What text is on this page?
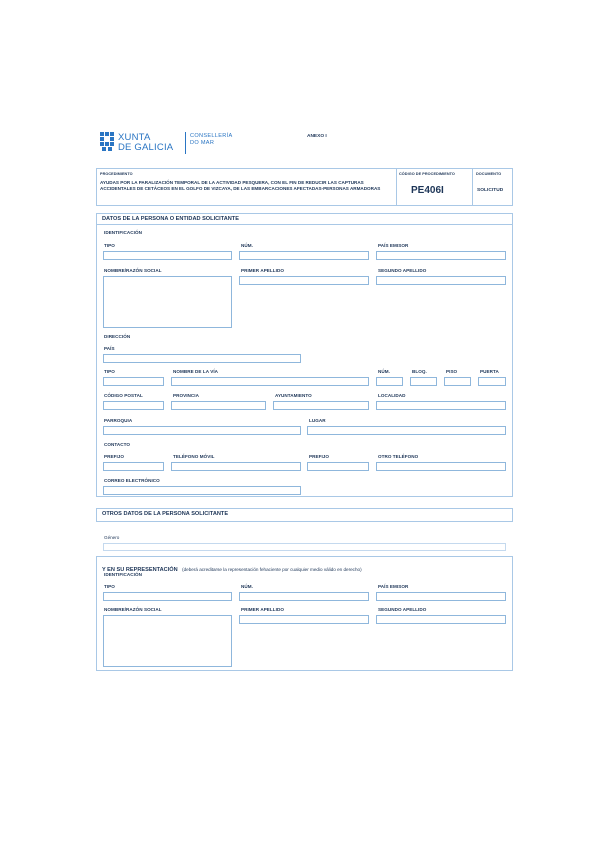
XUNTA
DE GALICIA
CONSELLERÍA
DO MAR
ANEXO I
PROCEDIMIENTO
AYUDAS POR LA PARALIZACIÓN TEMPORAL DE LA ACTIVIDAD PESQUERA, CON EL FIN DE REDUCIR LAS CAPTURAS ACCIDENTALES DE CETÁCEOS EN EL GOLFO DE VIZCAYA, DE LAS EMBARCACIONES AFECTADAS-PERSONAS ARMADORAS
CÓDIGO DE PROCEDIMIENTO
PE406I
DOCUMENTO
SOLICITUD
DATOS DE LA PERSONA O ENTIDAD SOLICITANTE
IDENTIFICACIÓN
TIPO	NÚM.	PAÍS EMISOR
NOMBRE/RAZÓN SOCIAL	PRIMER APELLIDO	SEGUNDO APELLIDO
DIRECCIÓN
PAÍS
TIPO	NOMBRE DE LA VÍA	NÚM.	BLOQ.	PISO	PUERTA
CÓDIGO POSTAL	PROVINCIA	AYUNTAMIENTO	LOCALIDAD
PARROQUIA	LUGAR
CONTACTO
PREFIJO	TELÉFONO MÓVIL	PREFIJO	OTRO TELÉFONO
CORREO ELECTRÓNICO
OTROS DATOS DE LA PERSONA SOLICITANTE
Género
Y EN SU REPRESENTACIÓN (deberá acreditarse la representación fehaciente por cualquier medio válido en derecho)
IDENTIFICACIÓN
TIPO	NÚM.	PAÍS EMISOR
NOMBRE/RAZÓN SOCIAL	PRIMER APELLIDO	SEGUNDO APELLIDO
